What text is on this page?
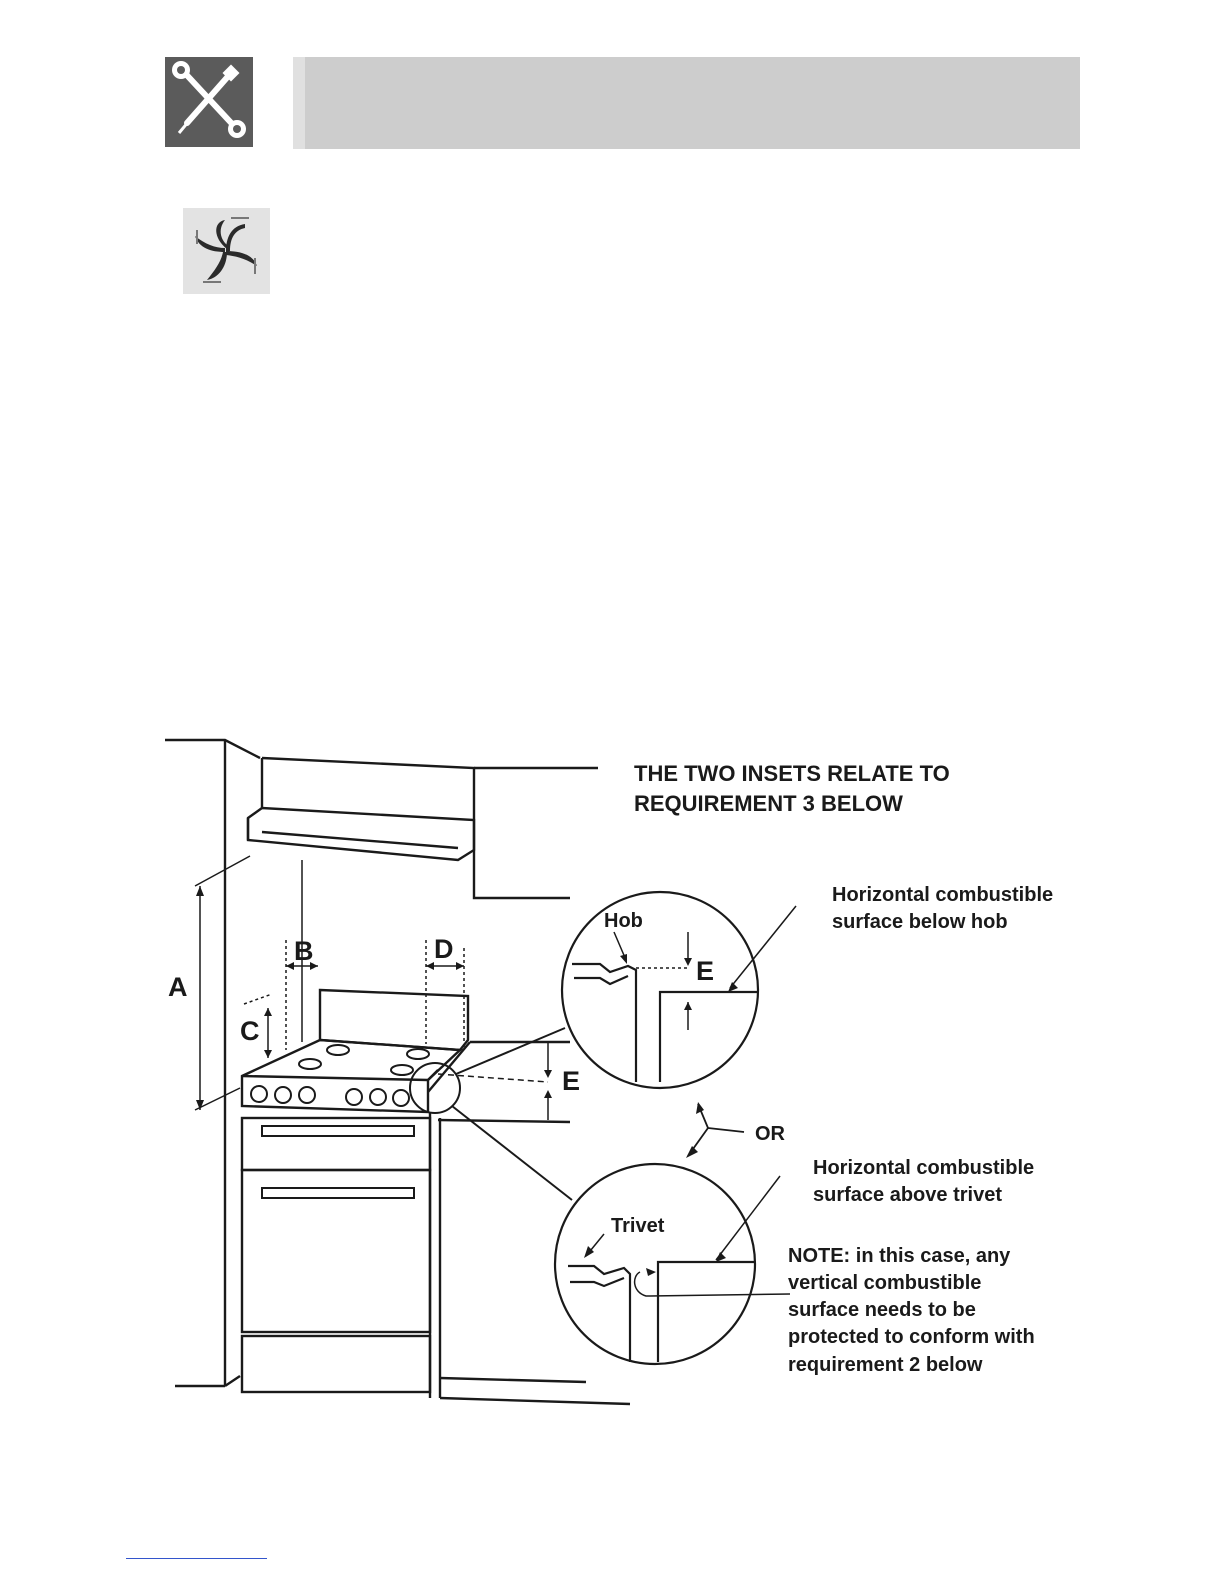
THE TWO INSETS RELATE TO
REQUIREMENT 3 BELOW
A
B
C
D
E
E
Hob
Trivet
OR
Horizontal combustible
surface below hob
Horizontal combustible
surface above trivet
NOTE: in this case, any
vertical combustible
surface needs to be
protected to conform with
requirement 2 below
